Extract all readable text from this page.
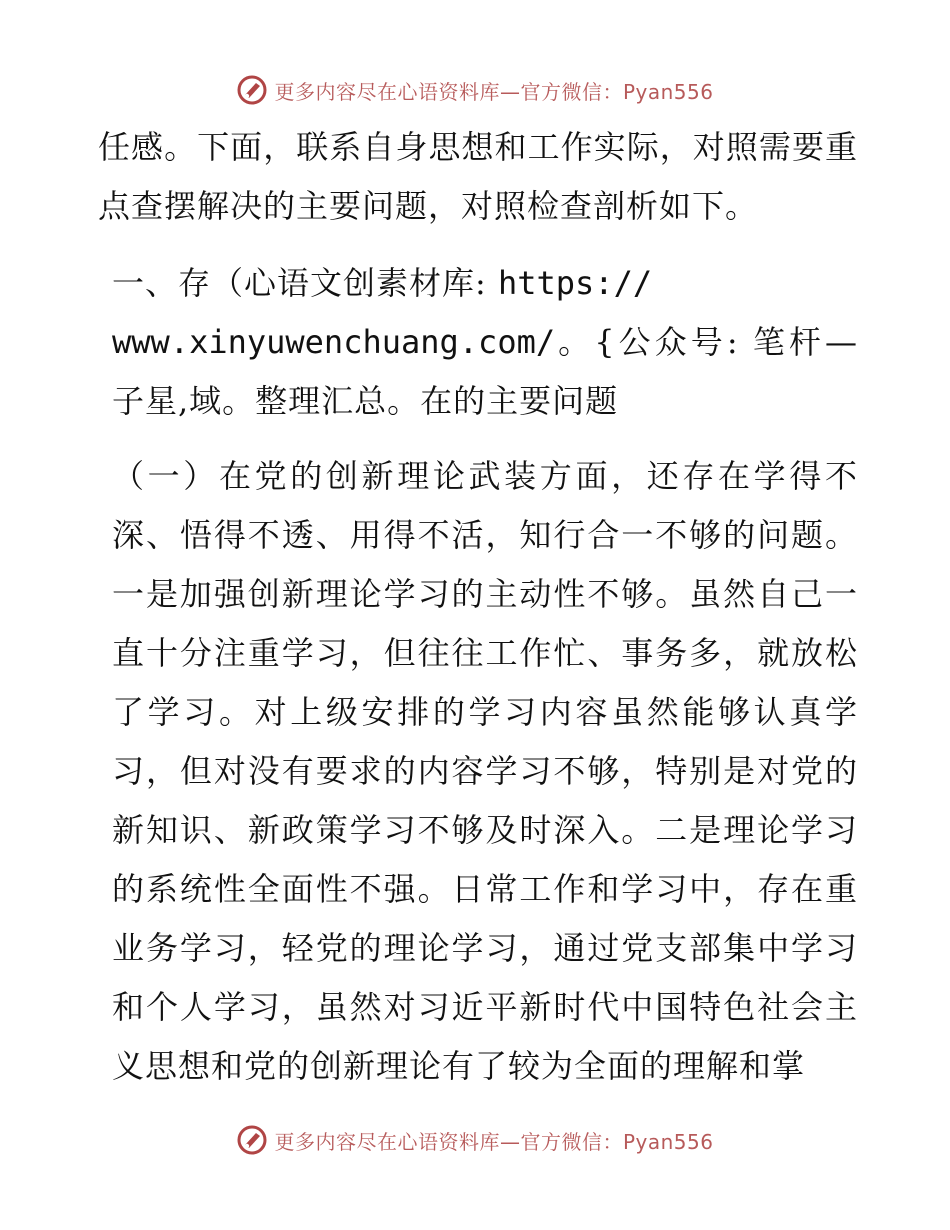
更多内容尽在心语资料库—官方微信：Pyan556

任感。下面，联系自身思想和工作实际，对照需要重点查摆解决的主要问题，对照检查剖析如下。

一、存（心语文创素材库: https://
www.xinyuwenchuang.com/。{公众号: 笔杆—子星,域。整理汇总。在的主要问题

（一）在党的创新理论武装方面，还存在学得不深、悟得不透、用得不活，知行合一不够的问题。一是加强创新理论学习的主动性不够。虽然自己一直十分注重学习，但往往工作忙、事务多，就放松了学习。对上级安排的学习内容虽然能够认真学习，但对没有要求的内容学习不够，特别是对党的新知识、新政策学习不够及时深入。二是理论学习的系统性全面性不强。日常工作和学习中，存在重业务学习，轻党的理论学习，通过党支部集中学习和个人学习，虽然对习近平新时代中国特色社会主义思想和党的创新理论有了较为全面的理解和掌

更多内容尽在心语资料库—官方微信：Pyan556
